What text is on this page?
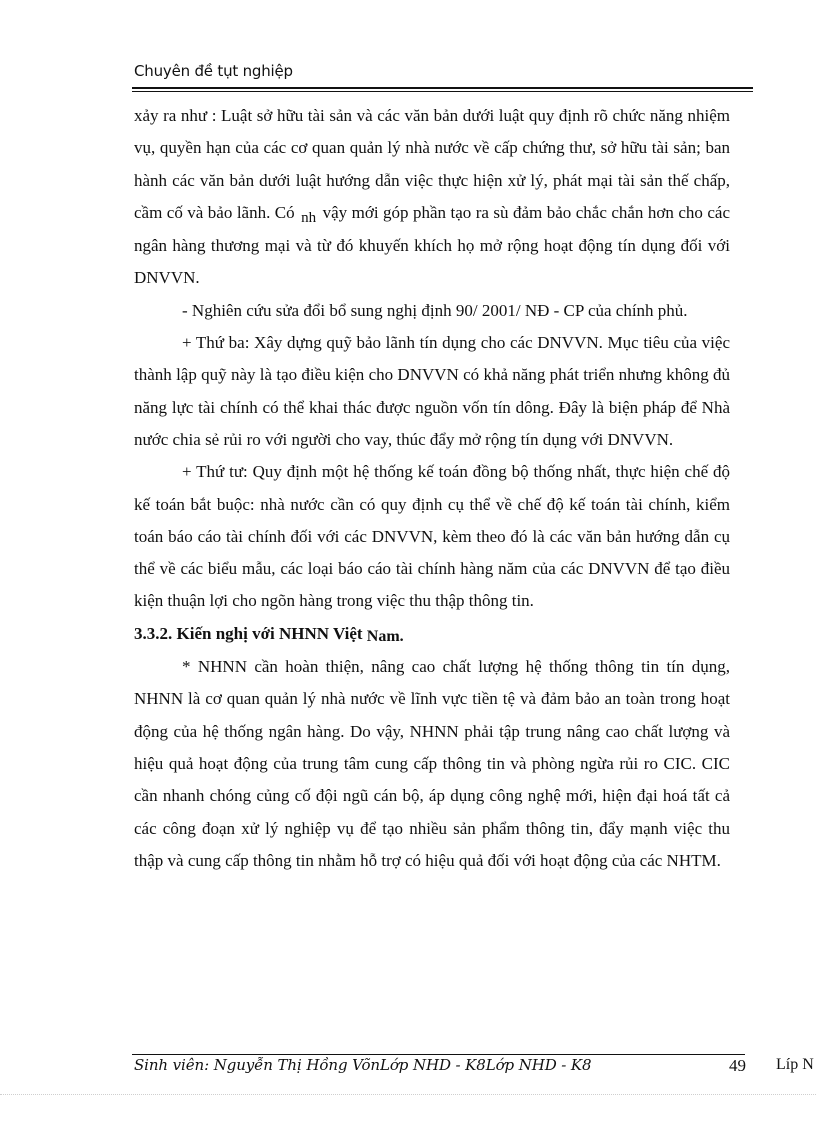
Chuyên đề tụt nghiệp

xảy ra như : Luật sở hữu tài sản và các văn bản dưới luật quy định rõ chức năng nhiệm vụ, quyền hạn của các cơ quan quản lý nhà nước về cấp chứng thư, sở hữu tài sản; ban hành các văn bản dưới luật hướng dẫn việc thực hiện xử lý, phát mại tài sản thế chấp, cầm cố và bảo lãnh. Có nh vậy mới góp phần tạo ra sù đảm bảo chắc chắn hơn cho các ngân hàng thương mại và từ đó khuyến khích họ mở rộng hoạt động tín dụng đối với DNVVN.

- Nghiên cứu sửa đổi bổ sung nghị định 90/ 2001/ NĐ - CP của chính phủ.

+ Thứ ba: Xây dựng quỹ bảo lãnh tín dụng cho các DNVVN. Mục tiêu của việc thành lập quỹ này là tạo điều kiện cho DNVVN có khả năng phát triển nhưng không đủ năng lực tài chính có thể khai thác được nguồn vốn tín dông. Đây là biện pháp để Nhà nước chia sẻ rủi ro với người cho vay, thúc đẩy mở rộng tín dụng với DNVVN.

+ Thứ tư: Quy định một hệ thống kế toán đồng bộ thống nhất, thực hiện chế độ kế toán bắt buộc: nhà nước cần có quy định cụ thể về chế độ kế toán tài chính, kiểm toán báo cáo tài chính đối với các DNVVN, kèm theo đó là các văn bản hướng dẫn cụ thể về các biểu mẫu, các loại báo cáo tài chính hàng năm của các DNVVN để tạo điều kiện thuận lợi cho ngõn hàng trong việc thu thập thông tin.

3.3.2. Kiến nghị với NHNN Việt Nam.

* NHNN cần hoàn thiện, nâng cao chất lượng hệ thống thông tin tín dụng, NHNN là cơ quan quản lý nhà nước về lĩnh vực tiền tệ và đảm bảo an toàn trong hoạt động của hệ thống ngân hàng. Do vậy, NHNN phải tập trung nâng cao chất lượng và hiệu quả hoạt động của trung tâm cung cấp thông tin và phòng ngừa rủi ro CIC. CIC cần nhanh chóng củng cố đội ngũ cán bộ, áp dụng công nghệ mới, hiện đại hoá tất cả các công đoạn xử lý nghiệp vụ để tạo nhiều sản phẩm thông tin, đẩy mạnh việc thu thập và cung cấp thông tin nhằm hỗ trợ có hiệu quả đối với hoạt động của các NHTM.

Sinh viên: Nguyễn Thị Hồng VõnLớp NHD - K8Lớp NHD - K8	49 Líp N
